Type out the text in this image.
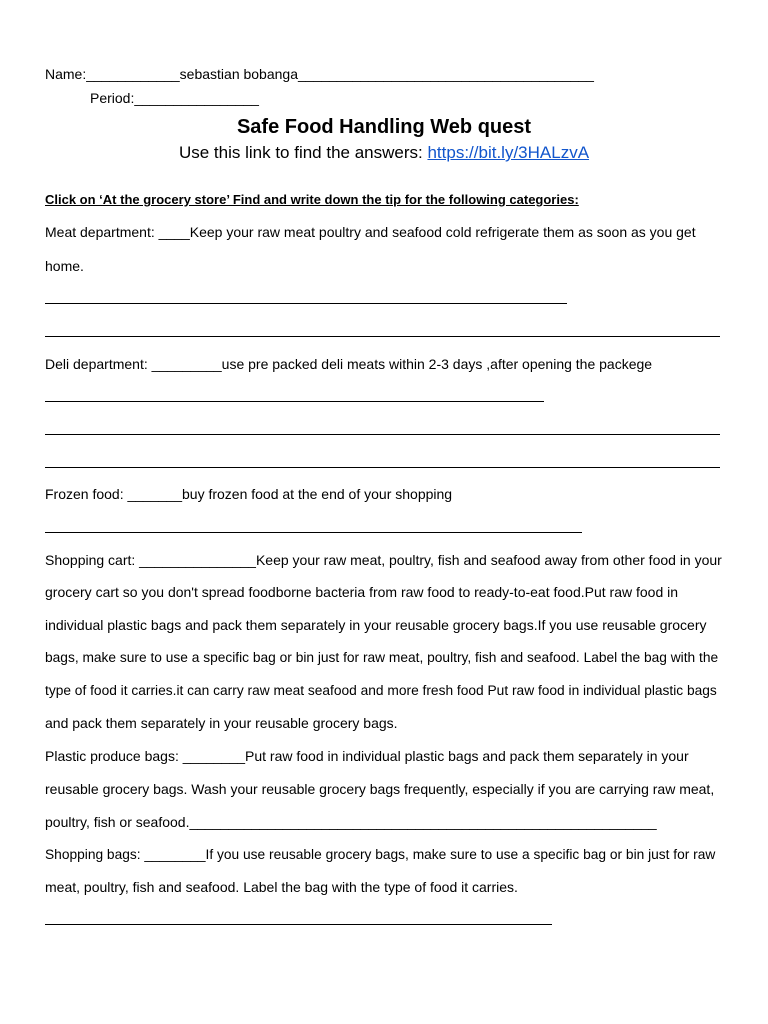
Name:____________sebastian bobanga______________________________________
Period:________________
Safe Food Handling Web quest
Use this link to find the answers: https://bit.ly/3HALzvA
Click on ‘At the grocery store’ Find and write down the tip for the following categories:
Meat department: ____Keep your raw meat poultry and seafood cold refrigerate them as soon as you get
home.
Deli department: _________use pre packed deli meats within 2-3 days ,after opening the packege
Frozen food: _______buy frozen food at the end of your shopping
Shopping cart: _______________Keep your raw meat, poultry, fish and seafood away from other food in your
grocery cart so you don't spread foodborne bacteria from raw food to ready-to-eat food.Put raw food in
individual plastic bags and pack them separately in your reusable grocery bags.If you use reusable grocery
bags, make sure to use a specific bag or bin just for raw meat, poultry, fish and seafood. Label the bag with the
type of food it carries.it can carry raw meat seafood and more fresh food Put raw food in individual plastic bags
and pack them separately in your reusable grocery bags.
Plastic produce bags: ________Put raw food in individual plastic bags and pack them separately in your
reusable grocery bags. Wash your reusable grocery bags frequently, especially if you are carrying raw meat,
poultry, fish or seafood.____________________________________________________________
Shopping bags: ________If you use reusable grocery bags, make sure to use a specific bag or bin just for raw
meat, poultry, fish and seafood. Label the bag with the type of food it carries.
